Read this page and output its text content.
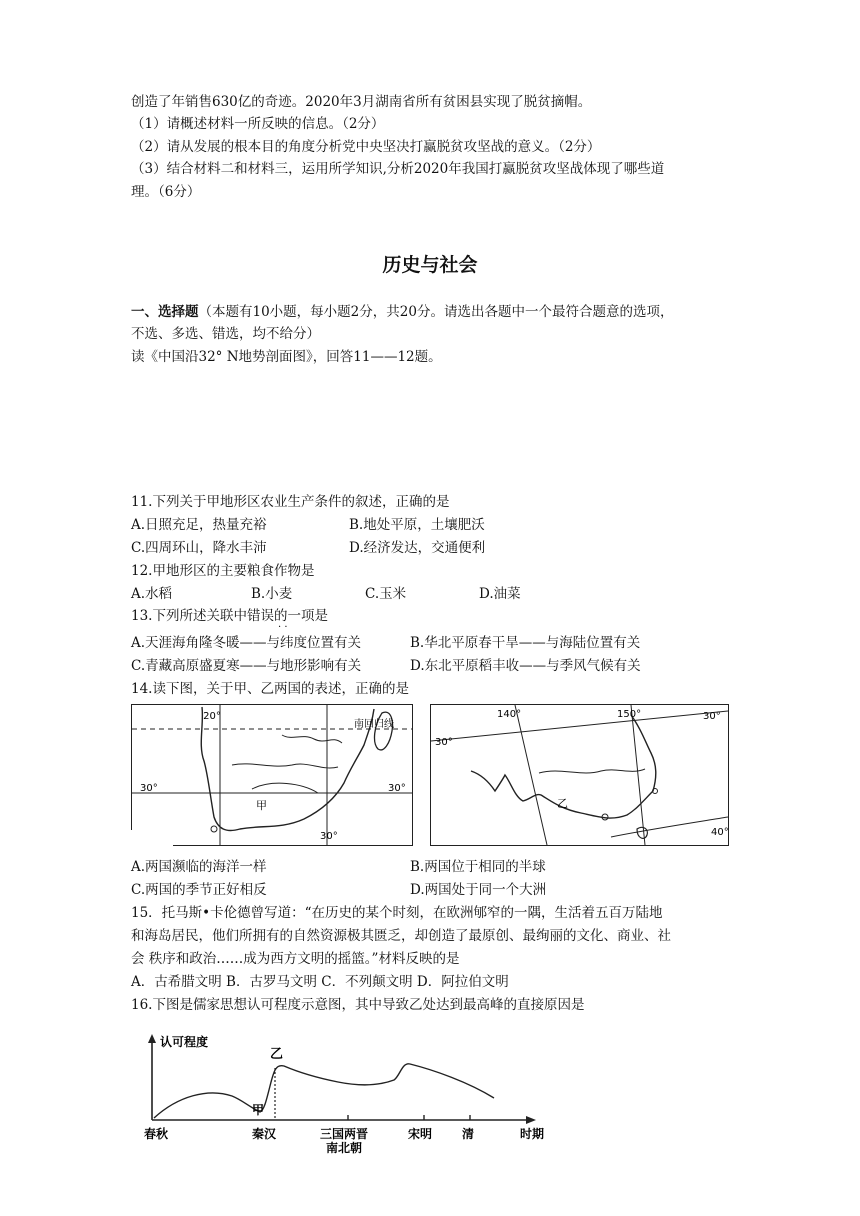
创造了年销售630亿的奇迹。2020年3月湖南省所有贫困县实现了脱贫摘帽。
（1）请概述材料一所反映的信息。（2分）
（2）请从发展的根本目的角度分析党中央坚决打赢脱贫攻坚战的意义。（2分）
（3）结合材料二和材料三，运用所学知识,分析2020年我国打赢脱贫攻坚战体现了哪些道
理。（6分）
历史与社会
一、选择题（本题有10小题，每小题2分，共20分。请选出各题中一个最符合题意的选项，
不选、多选、错选，均不给分）
读《中国沿32° N地势剖面图》，回答11——12题。
11.下列关于甲地形区农业生产条件的叙述，正确的是
A.日照充足，热量充裕	B.地处平原，土壤肥沃
C.四周环山，降水丰沛	D.经济发达，交通便利
12.甲地形区的主要粮食作物是
A.水稻	B.小麦	C.玉米	D.油菜
13.下列所述关联中错误的一项是
· ·
A.天涯海角隆冬暖——与纬度位置有关	B.华北平原春干旱——与海陆位置有关
C.青藏高原盛夏寒——与地形影响有关	D.东北平原稻丰收——与季风气候有关
14.读下图，关于甲、乙两国的表述，正确的是
20°
南回归线
30°	30°
30°
甲
140°	150°	30°
30°
40°
乙
A.两国濒临的海洋一样	B.两国位于相同的半球
C.两国的季节正好相反	D.两国处于同一个大洲
15．托马斯•卡伦德曾写道：“在历史的某个时刻，在欧洲郇窄的一隅，生活着五百万陆地
和海岛居民，他们所拥有的自然资源极其匮乏，却创造了最原创、最绚丽的文化、商业、社
会 秩序和政治……成为西方文明的摇篮。”材料反映的是
A．古希腊文明 B．古罗马文明 C．不列颠文明 D．阿拉伯文明
16.下图是儒家思想认可程度示意图，其中导致乙处达到最高峰的直接原因是
认可程度
甲
乙
春秋	秦汉	三国两晋
南北朝
宋明 清	时期
